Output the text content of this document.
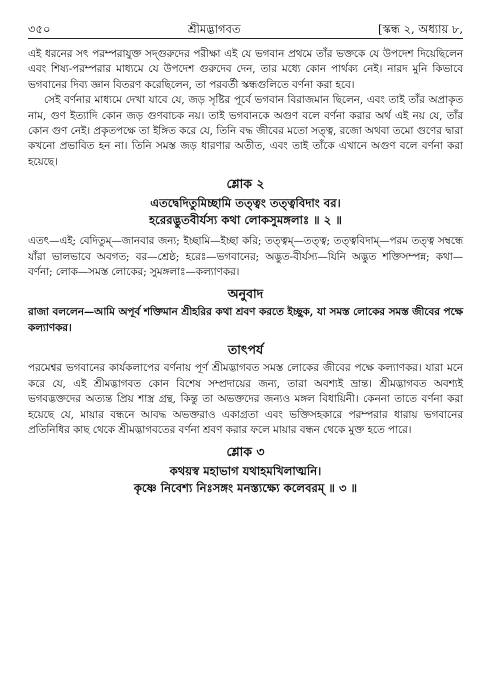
৩৫০	শ্রীমদ্ভাগবত	[স্কন্ধ ২, অধ্যায় ৮,

এই ধরনের সৎ পরম্পরাযুক্ত সদ্গুরুদের পরীক্ষা এই যে ভগবান প্রথমে তাঁর ভক্তকে যে উপদেশ দিয়েছিলেন এবং শিষ্য-পরম্পরার মাধ্যমে যে উপদেশ গুরুদেব দেন, তার মধ্যে কোন পার্থক্য নেই। নারদ মুনি কিভাবে ভগবানের দিব্য জ্ঞান বিতরণ করেছিলেন, তা পরবর্তী স্কন্ধগুলিতে বর্ণনা করা হবে।

সেই বর্ণনার মাধ্যমে দেখা যাবে যে, জড় সৃষ্টির পূর্বে ভগবান বিরাজমান ছিলেন, এবং তাই তাঁর অপ্রাকৃত নাম, গুণ ইত্যাদি কোন জড় গুণবাচক নয়। তাই ভগবানকে অগুণ বলে বর্ণনা করার অর্থ এই নয় যে, তাঁর কোন গুণ নেই। প্রকৃতপক্ষে তা ইঙ্গিত করে যে, তিনি বদ্ধ জীবের মতো সত্ত্ব, রজো অথবা তমো গুণের দ্বারা কখনো প্রভাবিত হন না। তিনি সমস্ত জড় ধারণার অতীত, এবং তাই তাঁকে এখানে অগুণ বলে বর্ণনা করা হয়েছে।

শ্লোক ২

এতদ্বেদিতুমিচ্ছামি তত্ত্বং তত্ত্ববিদাং বর।

হরেরদ্ভুতবীর্যস্য কথা লোকসুমঙ্গলাঃ ॥ ২ ॥

এতৎ—এই; বেদিতুম্—জানবার জন্য; ইচ্ছামি—ইচ্ছা করি; তত্ত্বম্—তত্ত্ব; তত্ত্ববিদাম্—পরম তত্ত্ব সম্বন্ধে যাঁরা ভালভাবে অবগত; বর—শ্রেষ্ঠ; হরেঃ—ভগবানের; অদ্ভুত-বীর্যস্য—যিনি অদ্ভুত শক্তিসম্পন্ন; কথা—বর্ণনা; লোক—সমস্ত লোকের; সুমঙ্গলাঃ—কল্যাণকর।

অনুবাদ

রাজা বললেন—আমি অপূর্ব শক্তিমান শ্রীহরির কথা শ্রবণ করতে ইচ্ছুক, যা সমস্ত লোকের সমস্ত জীবের পক্ষে কল্যাণকর।

তাৎপর্য

পরমেশ্বর ভগবানের কার্যকলাপের বর্ণনায় পূর্ণ শ্রীমদ্ভাগবত সমস্ত লোকের জীবের পক্ষে কল্যাণকর। যারা মনে করে যে, এই শ্রীমদ্ভাগবত কোন বিশেষ সম্প্রদায়ের জন্য, তারা অবশ্যই ভ্রান্ত। শ্রীমদ্ভাগবত অবশ্যই ভগবদ্ভক্তদের অত্যন্ত প্রিয় শাস্ত্র গ্রন্থ, কিন্তু তা অভক্তদের জন্যও মঙ্গল বিধায়িনী। কেননা তাতে বর্ণনা করা হয়েছে যে, মায়ার বন্ধনে আবদ্ধ অভক্তরাও একাগ্রতা এবং ভক্তিসহকারে পরম্পরার ধারায় ভগবানের প্রতিনিধির কাছ থেকে শ্রীমদ্ভাগবতের বর্ণনা শ্রবণ করার ফলে মায়ার বন্ধন থেকে মুক্ত হতে পারে।

শ্লোক ৩

কথয়স্ব মহাভাগ যথাহমখিলাত্মনি।

কৃষ্ণে নিবেশ্য নিঃসঙ্গং মনস্ত্যক্ষ্যে কলেবরম্ ॥ ৩ ॥
